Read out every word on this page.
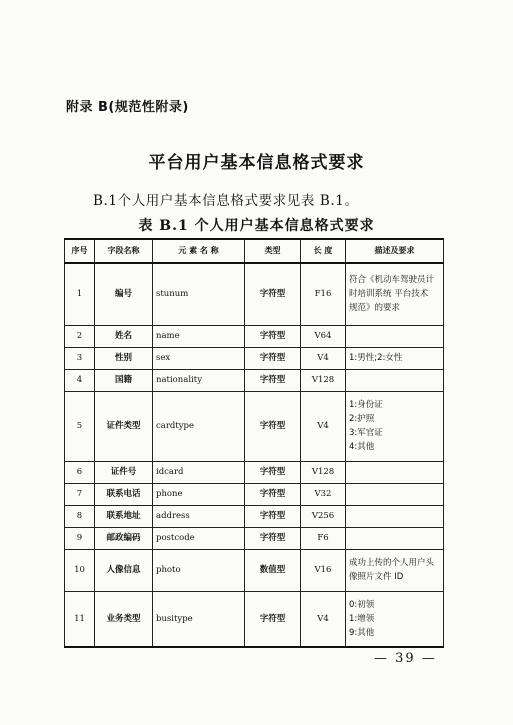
附录 B(规范性附录)
平台用户基本信息格式要求
B.1个人用户基本信息格式要求见表 B.1。
表 B.1 个人用户基本信息格式要求
序号	字段名称	元 素 名 称	类型	长 度	描述及要求
1	编号	stunum	字符型	F16	符合《机动车驾驶员计
时培训系统 平台技术
规范》的要求

2	姓名	name	字符型	V64	
3	性别	sex	字符型	V4	1:男性;2:女性

4	国籍	nationality	字符型	V128	
5	证件类型	cardtype	字符型	V4	1:身份证
2:护照
3:军官证
4:其他

6	证件号	idcard	字符型	V128	
7	联系电话	phone	字符型	V32	
8	联系地址	address	字符型	V256	
9	邮政编码	postcode	字符型	F6	
10	人像信息	photo	数值型	V16	成功上传的个人用户头
像照片文件 ID

11	业务类型	busitype	字符型	V4	0:初领
1:增领
9:其他
— 39 —
